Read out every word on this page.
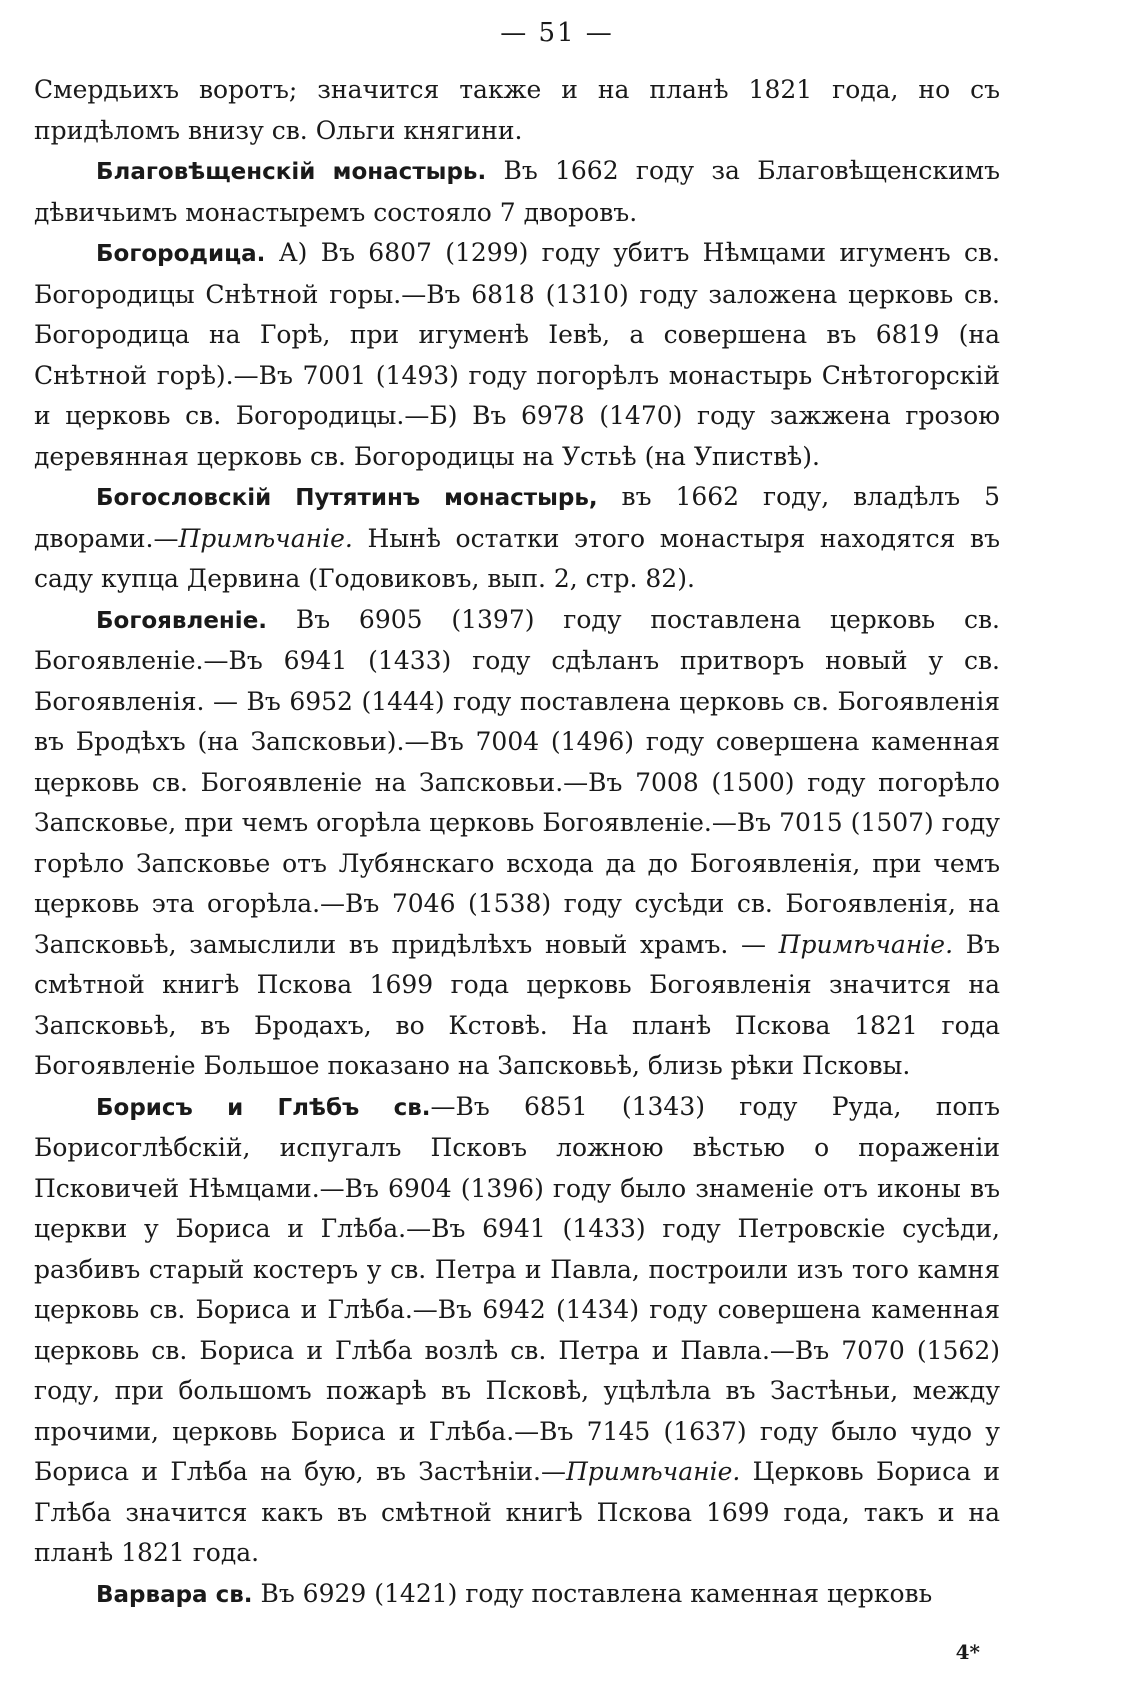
— 51 —

Смердьихъ воротъ; значится также и на планѣ 1821 года, но съ придѣломъ внизу св. Ольги княгини.

Благовѣщенскій монастырь. Въ 1662 году за Благовѣщенскимъ дѣвичьимъ монастыремъ состояло 7 дворовъ.

Богородица. А) Въ 6807 (1299) году убитъ Нѣмцами игуменъ св. Богородицы Снѣтной горы.—Въ 6818 (1310) году заложена церковь св. Богородица на Горѣ, при игуменѣ Іевѣ, а совершена въ 6819 (на Снѣтной горѣ).—Въ 7001 (1493) году погорѣлъ монастырь Снѣтогорскій и церковь св. Богородицы.—Б) Въ 6978 (1470) году зажжена грозою деревянная церковь св. Богородицы на Устьѣ (на Упиствѣ).

Богословскій Путятинъ монастырь, въ 1662 году, владѣлъ 5 дворами.—Примѣчаніе. Нынѣ остатки этого монастыря находятся въ саду купца Дервина (Годовиковъ, вып. 2, стр. 82).

Богоявленіе. Въ 6905 (1397) году поставлена церковь св. Богоявленіе.—Въ 6941 (1433) году сдѣланъ притворъ новый у св. Богоявленія. — Въ 6952 (1444) году поставлена церковь св. Богоявленія въ Бродѣхъ (на Запсковьи).—Въ 7004 (1496) году совершена каменная церковь св. Богоявленіе на Запсковьи.—Въ 7008 (1500) году погорѣло Запсковье, при чемъ огорѣла церковь Богоявленіе.—Въ 7015 (1507) году горѣло Запсковье отъ Лубянскаго всхода да до Богоявленія, при чемъ церковь эта огорѣла.—Въ 7046 (1538) году сусѣди св. Богоявленія, на Запсковьѣ, замыслили въ придѣлѣхъ новый храмъ. — Примѣчаніе. Въ смѣтной книгѣ Пскова 1699 года церковь Богоявленія значится на Запсковьѣ, въ Бродахъ, во Кстовѣ. На планѣ Пскова 1821 года Богоявленіе Большое показано на Запсковьѣ, близь рѣки Псковы.

Борисъ и Глѣбъ св.—Въ 6851 (1343) году Руда, попъ Борисоглѣбскій, испугалъ Псковъ ложною вѣстью о пораженіи Псковичей Нѣмцами.—Въ 6904 (1396) году было знаменіе отъ иконы въ церкви у Бориса и Глѣба.—Въ 6941 (1433) году Петровскіе сусѣди, разбивъ старый костеръ у св. Петра и Павла, построили изъ того камня церковь св. Бориса и Глѣба.—Въ 6942 (1434) году совершена каменная церковь св. Бориса и Глѣба возлѣ св. Петра и Павла.—Въ 7070 (1562) году, при большомъ пожарѣ въ Псковѣ, уцѣлѣла въ Застѣньи, между прочими, церковь Бориса и Глѣба.—Въ 7145 (1637) году было чудо у Бориса и Глѣба на бую, въ Застѣніи.—Примѣчаніе. Церковь Бориса и Глѣба значится какъ въ смѣтной книгѣ Пскова 1699 года, такъ и на планѣ 1821 года.

Варвара св. Въ 6929 (1421) году поставлена каменная церковь

4*
